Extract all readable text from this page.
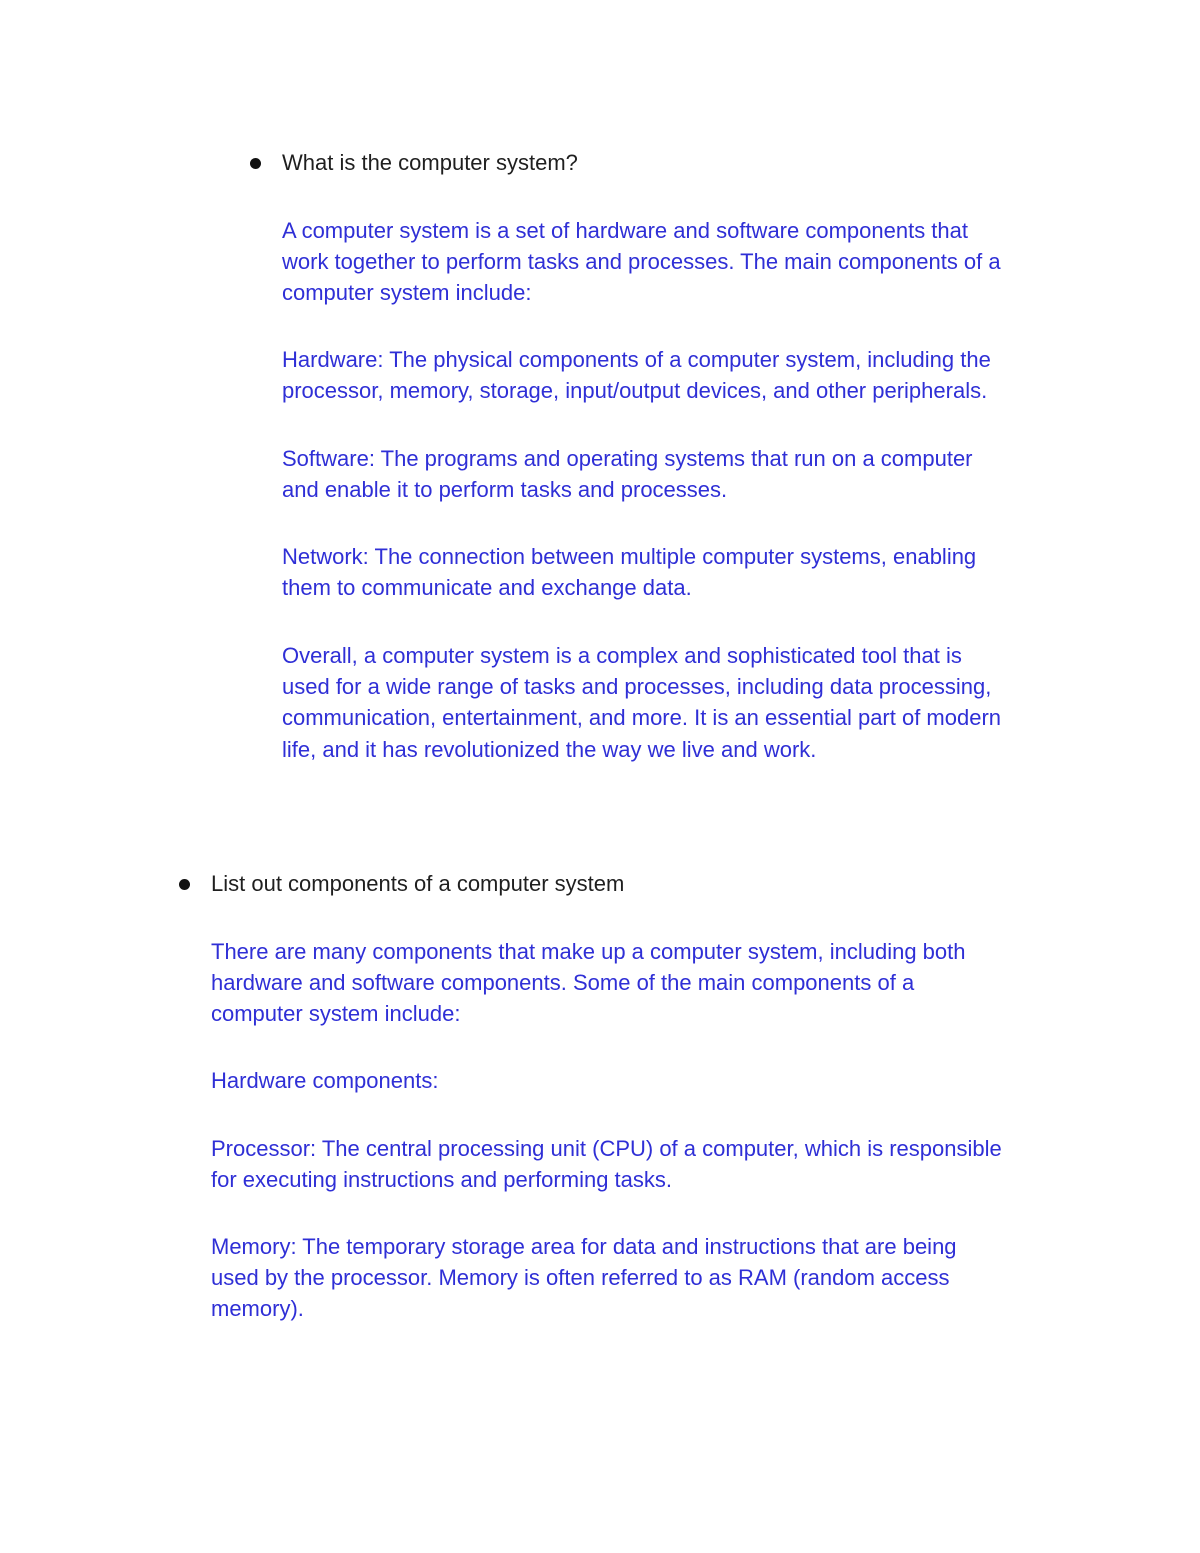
What is the computer system?

A computer system is a set of hardware and software components that
work together to perform tasks and processes. The main components of a
computer system include:

Hardware: The physical components of a computer system, including the
processor, memory, storage, input/output devices, and other peripherals.

Software: The programs and operating systems that run on a computer
and enable it to perform tasks and processes.

Network: The connection between multiple computer systems, enabling
them to communicate and exchange data.

Overall, a computer system is a complex and sophisticated tool that is
used for a wide range of tasks and processes, including data processing,
communication, entertainment, and more. It is an essential part of modern
life, and it has revolutionized the way we live and work.

List out components of a computer system

There are many components that make up a computer system, including both
hardware and software components. Some of the main components of a
computer system include:

Hardware components:

Processor: The central processing unit (CPU) of a computer, which is responsible
for executing instructions and performing tasks.

Memory: The temporary storage area for data and instructions that are being
used by the processor. Memory is often referred to as RAM (random access
memory).
